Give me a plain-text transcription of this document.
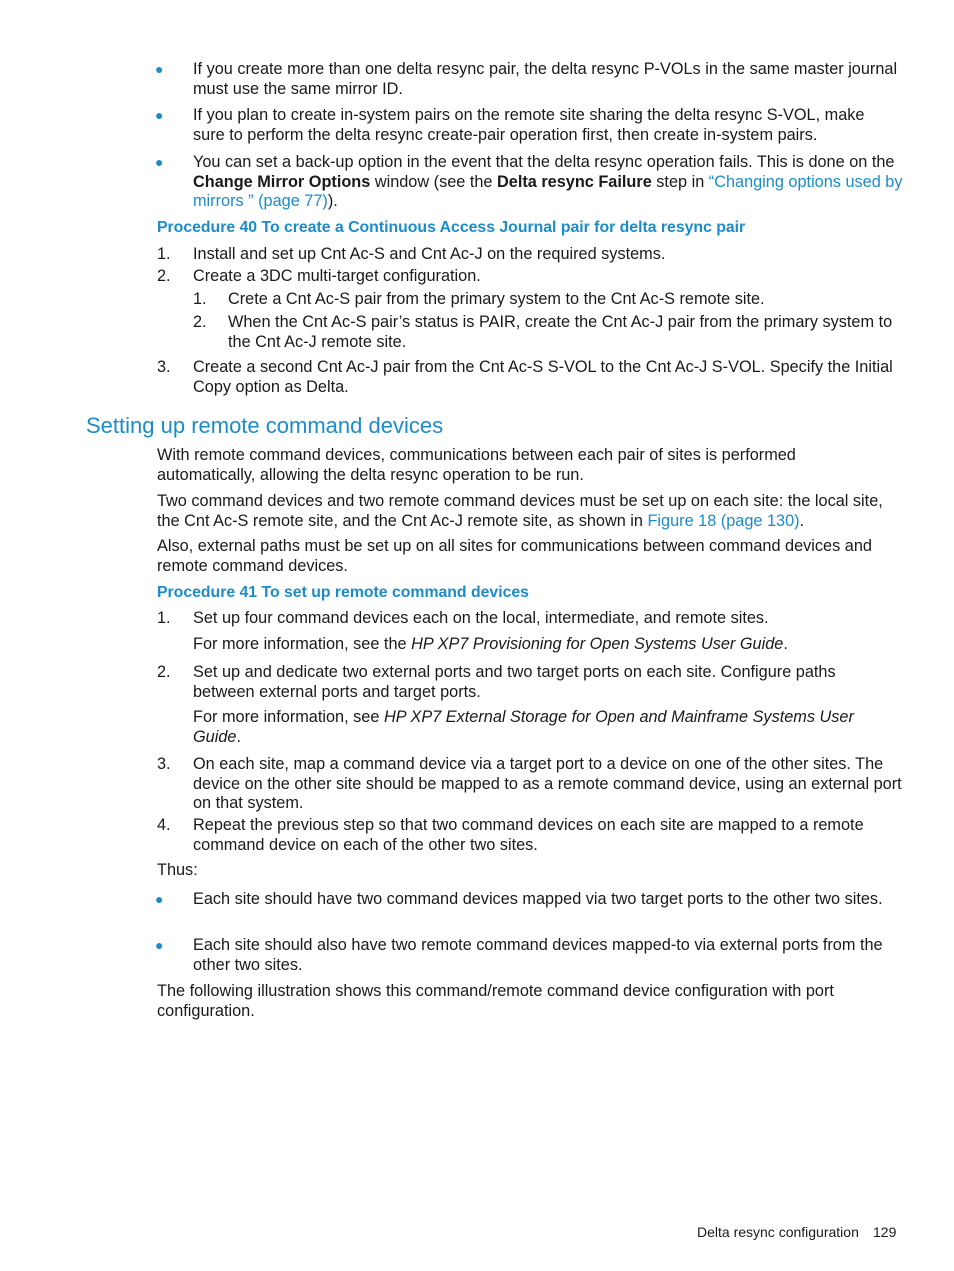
● If you create more than one delta resync pair, the delta resync P-VOLs in the same master journal must use the same mirror ID.

● If you plan to create in-system pairs on the remote site sharing the delta resync S-VOL, make sure to perform the delta resync create-pair operation first, then create in-system pairs.

● You can set a back-up option in the event that the delta resync operation fails. This is done on the Change Mirror Options window (see the Delta resync Failure step in “Changing options used by mirrors ” (page 77)).

Procedure 40 To create a Continuous Access Journal pair for delta resync pair

1. Install and set up Cnt Ac-S and Cnt Ac-J on the required systems.

2. Create a 3DC multi-target configuration.

1. Crete a Cnt Ac-S pair from the primary system to the Cnt Ac-S remote site.

2. When the Cnt Ac-S pair’s status is PAIR, create the Cnt Ac-J pair from the primary system to the Cnt Ac-J remote site.

3. Create a second Cnt Ac-J pair from the Cnt Ac-S S-VOL to the Cnt Ac-J S-VOL. Specify the Initial Copy option as Delta.

Setting up remote command devices

With remote command devices, communications between each pair of sites is performed automatically, allowing the delta resync operation to be run.

Two command devices and two remote command devices must be set up on each site: the local site, the Cnt Ac-S remote site, and the Cnt Ac-J remote site, as shown in Figure 18 (page 130).

Also, external paths must be set up on all sites for communications between command devices and remote command devices.

Procedure 41 To set up remote command devices

1. Set up four command devices each on the local, intermediate, and remote sites.

For more information, see the HP XP7 Provisioning for Open Systems User Guide.

2. Set up and dedicate two external ports and two target ports on each site. Configure paths between external ports and target ports.

For more information, see HP XP7 External Storage for Open and Mainframe Systems User Guide.

3. On each site, map a command device via a target port to a device on one of the other sites. The device on the other site should be mapped to as a remote command device, using an external port on that system.

4. Repeat the previous step so that two command devices on each site are mapped to a remote command device on each of the other two sites.

Thus:

● Each site should have two command devices mapped via two target ports to the other two sites.

● Each site should also have two remote command devices mapped-to via external ports from the other two sites.

The following illustration shows this command/remote command device configuration with port configuration.

Delta resync configuration 129
